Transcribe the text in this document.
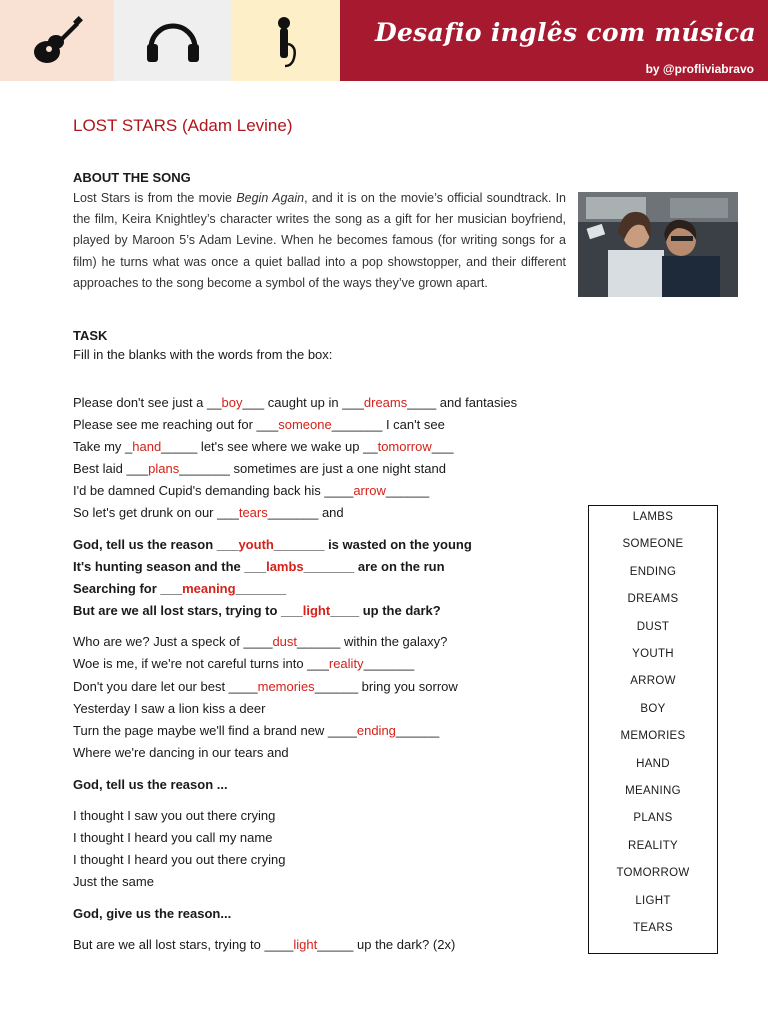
Desafio inglês com música
by @profliviabravo
LOST STARS (Adam Levine)
ABOUT THE SONG
Lost Stars is from the movie Begin Again, and it is on the movie’s official soundtrack. In the film, Keira Knightley’s character writes the song as a gift for her musician boyfriend, played by Maroon 5’s Adam Levine. When he becomes famous (for writing songs for a film) he turns what was once a quiet ballad into a pop showstopper, and their different approaches to the song become a symbol of the ways they’ve grown apart.
TASK
Fill in the blanks with the words from the box:
Please don't see just a __boy___ caught up in ___dreams____ and fantasies
Please see me reaching out for ___someone_______ I can't see
Take my _hand_____ let's see where we wake up __tomorrow___
Best laid ___plans_______ sometimes are just a one night stand
I'd be damned Cupid's demanding back his ____arrow______
So let's get drunk on our ___tears_______ and
God, tell us the reason ___youth_______ is wasted on the young
It's hunting season and the ___lambs_______ are on the run
Searching for ___meaning_______
But are we all lost stars, trying to ___light____ up the dark?
Who are we? Just a speck of ____dust______ within the galaxy?
Woe is me, if we're not careful turns into ___reality_______
Don't you dare let our best ____memories______ bring you sorrow
Yesterday I saw a lion kiss a deer
Turn the page maybe we'll find a brand new ____ending______
Where we're dancing in our tears and
God, tell us the reason ...
I thought I saw you out there crying
I thought I heard you call my name
I thought I heard you out there crying
Just the same
God, give us the reason...
But are we all lost stars, trying to ____light_____ up the dark? (2x)
LAMBS
SOMEONE
ENDING
DREAMS
DUST
YOUTH
ARROW
BOY
MEMORIES
HAND
MEANING
PLANS
REALITY
TOMORROW
LIGHT
TEARS
